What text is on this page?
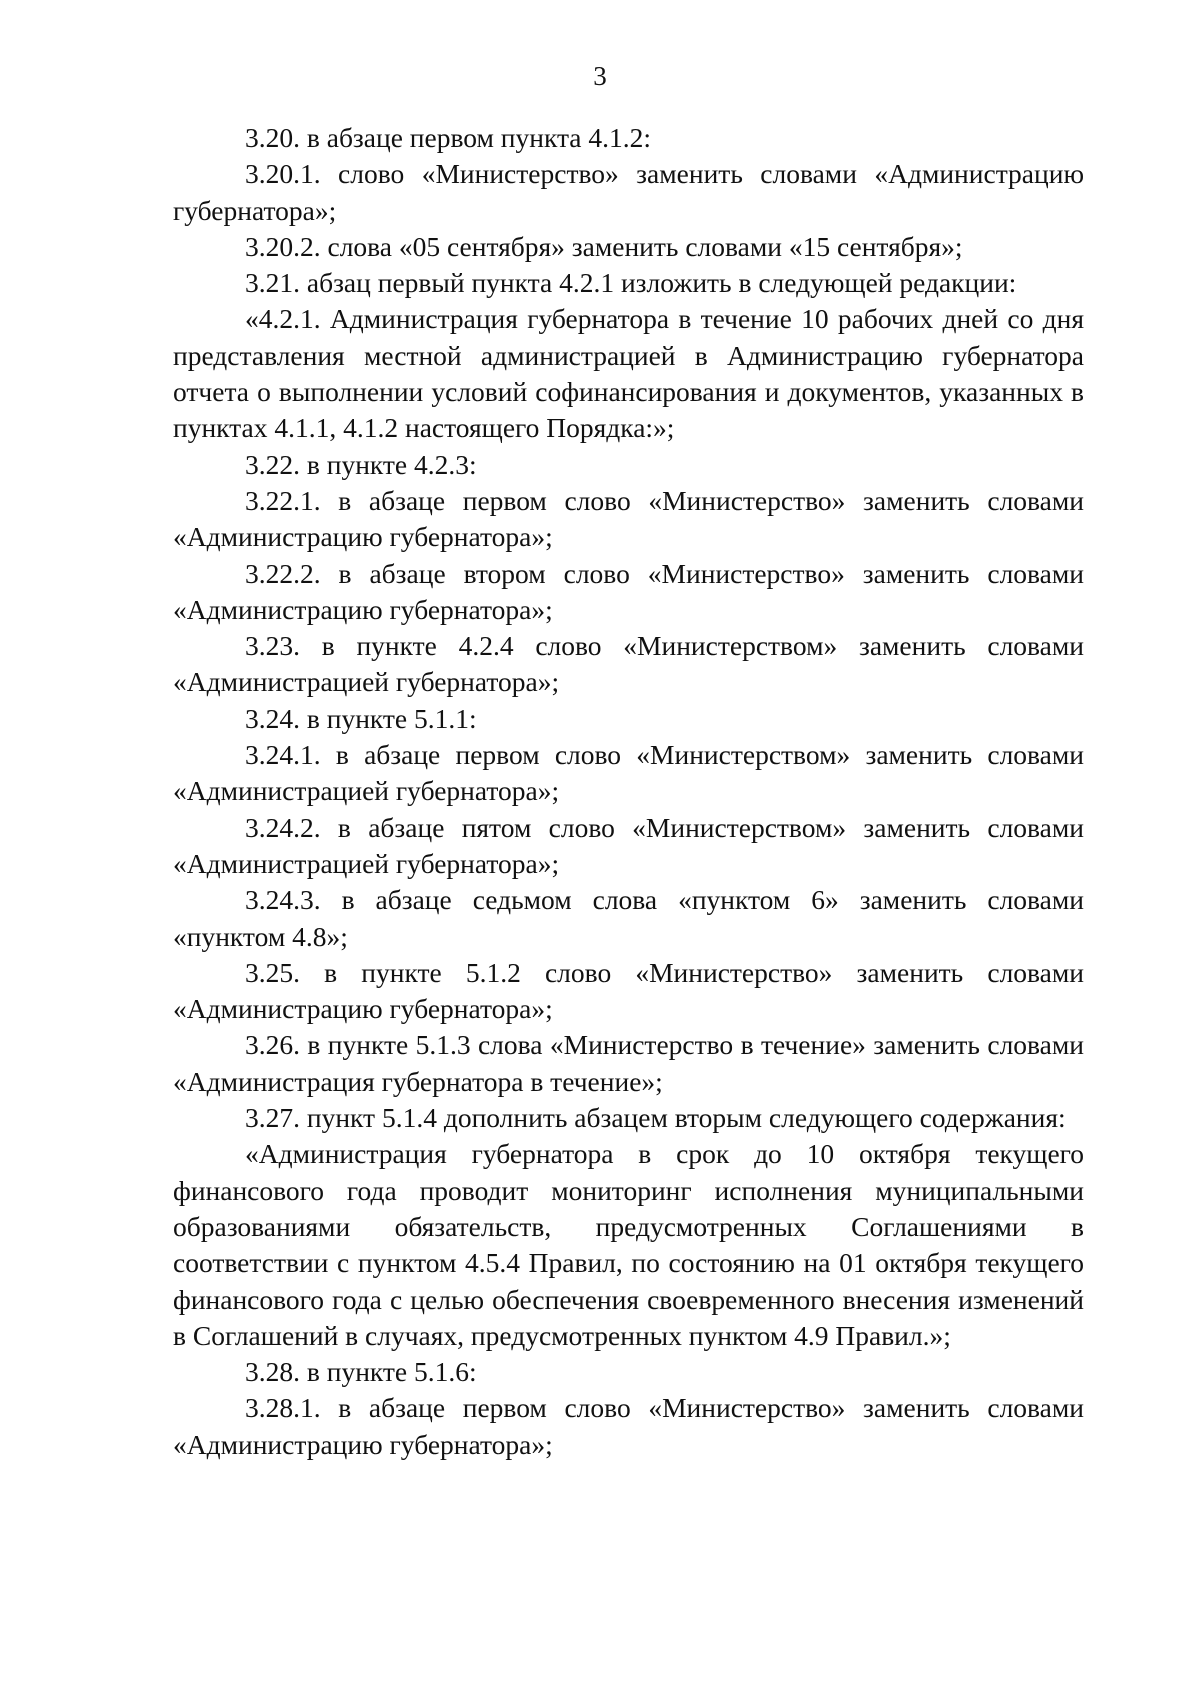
3

3.20. в абзаце первом пункта 4.1.2:

3.20.1. слово «Министерство» заменить словами «Администрацию губернатора»;

3.20.2. слова «05 сентября» заменить словами «15 сентября»;

3.21. абзац первый пункта 4.2.1 изложить в следующей редакции:

«4.2.1. Администрация губернатора в течение 10 рабочих дней со дня представления местной администрацией в Администрацию губернатора отчета о выполнении условий софинансирования и документов, указанных в пунктах 4.1.1, 4.1.2 настоящего Порядка:»;

3.22. в пункте 4.2.3:

3.22.1. в абзаце первом слово «Министерство» заменить словами «Администрацию губернатора»;

3.22.2. в абзаце втором слово «Министерство» заменить словами «Администрацию губернатора»;

3.23. в пункте 4.2.4 слово «Министерством» заменить словами «Администрацией губернатора»;

3.24. в пункте 5.1.1:

3.24.1. в абзаце первом слово «Министерством» заменить словами «Администрацией губернатора»;

3.24.2. в абзаце пятом слово «Министерством» заменить словами «Администрацией губернатора»;

3.24.3. в абзаце седьмом слова «пунктом 6» заменить словами «пунктом 4.8»;

3.25. в пункте 5.1.2 слово «Министерство» заменить словами «Администрацию губернатора»;

3.26. в пункте 5.1.3 слова «Министерство в течение» заменить словами «Администрация губернатора в течение»;

3.27. пункт 5.1.4 дополнить абзацем вторым следующего содержания:

«Администрация губернатора в срок до 10 октября текущего финансового года проводит мониторинг исполнения муниципальными образованиями обязательств, предусмотренных Соглашениями в соответствии с пунктом 4.5.4 Правил, по состоянию на 01 октября текущего финансового года с целью обеспечения своевременного внесения изменений в Соглашений в случаях, предусмотренных пунктом 4.9 Правил.»;

3.28. в пункте 5.1.6:

3.28.1. в абзаце первом слово «Министерство» заменить словами «Администрацию губернатора»;
